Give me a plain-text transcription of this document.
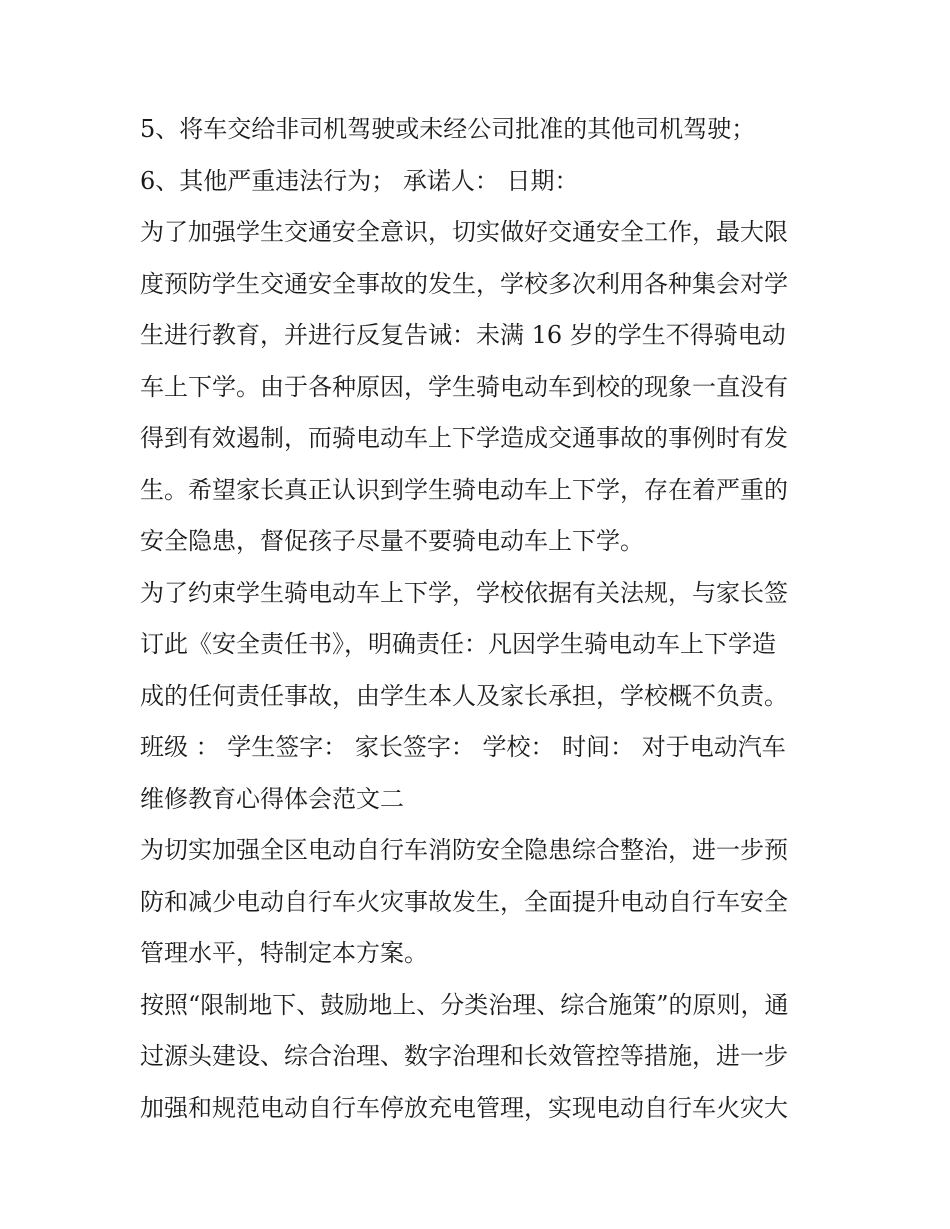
5、将车交给非司机驾驶或未经公司批准的其他司机驾驶；
6、其他严重违法行为； 承诺人： 日期：
为了加强学生交通安全意识，切实做好交通安全工作，最大限
度预防学生交通安全事故的发生，学校多次利用各种集会对学
生进行教育，并进行反复告诫：未满 16 岁的学生不得骑电动
车上下学。由于各种原因，学生骑电动车到校的现象一直没有
得到有效遏制，而骑电动车上下学造成交通事故的事例时有发
生。希望家长真正认识到学生骑电动车上下学，存在着严重的
安全隐患，督促孩子尽量不要骑电动车上下学。
为了约束学生骑电动车上下学，学校依据有关法规，与家长签
订此《安全责任书》，明确责任：凡因学生骑电动车上下学造
成的任何责任事故，由学生本人及家长承担，学校概不负责。
班级 ： 学生签字： 家长签字： 学校： 时间： 对于电动汽车
维修教育心得体会范文二
为切实加强全区电动自行车消防安全隐患综合整治，进一步预
防和减少电动自行车火灾事故发生，全面提升电动自行车安全
管理水平，特制定本方案。
按照“限制地下、鼓励地上、分类治理、综合施策”的原则，通
过源头建设、综合治理、数字治理和长效管控等措施，进一步
加强和规范电动自行车停放充电管理，实现电动自行车火灾大
